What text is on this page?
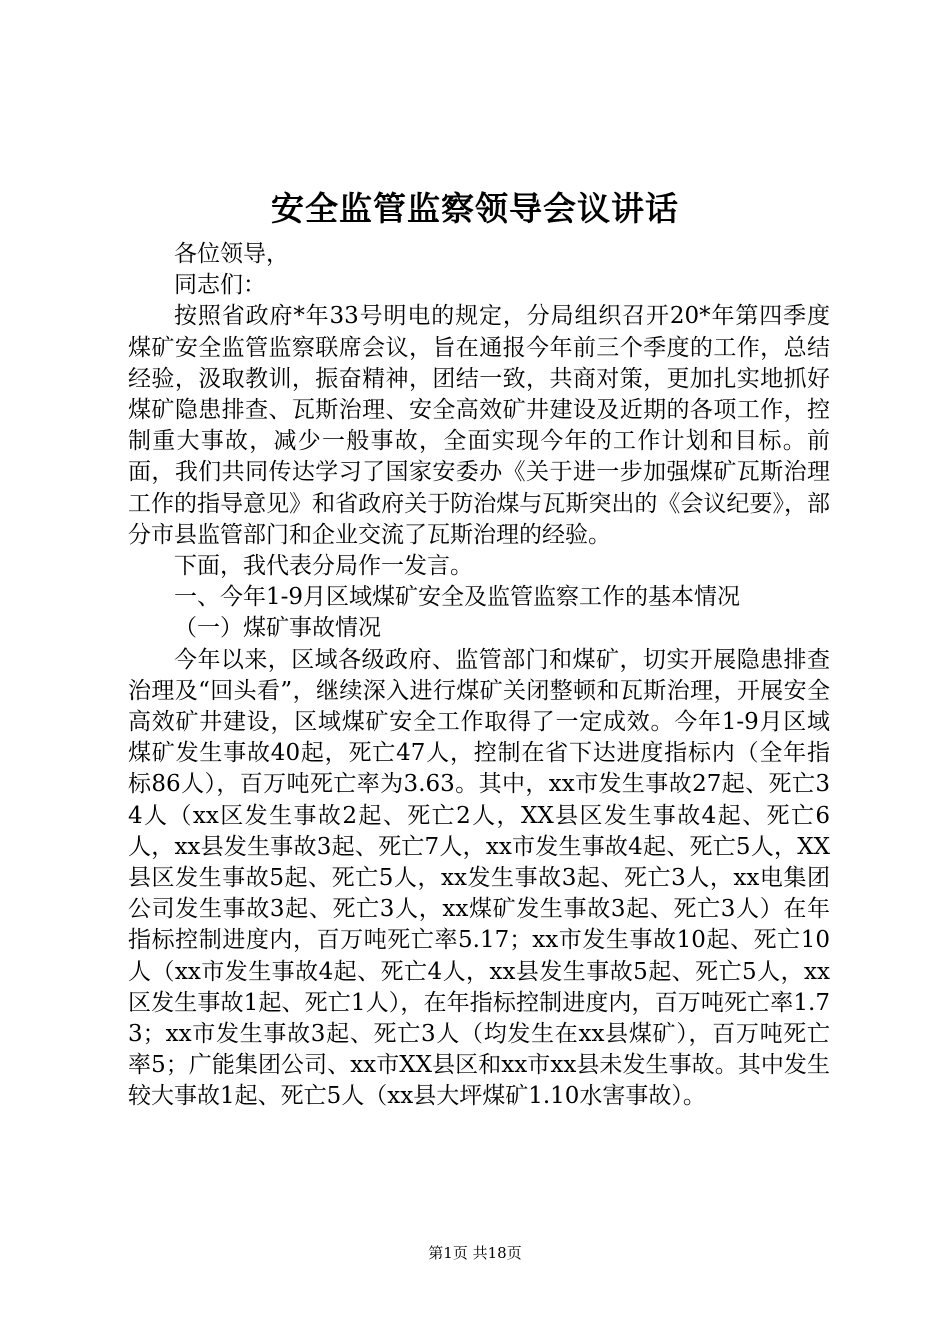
安全监管监察领导会议讲话

各位领导，

同志们：

按照省政府*年33号明电的规定，分局组织召开20*年第四季度煤矿安全监管监察联席会议，旨在通报今年前三个季度的工作，总结经验，汲取教训，振奋精神，团结一致，共商对策，更加扎实地抓好煤矿隐患排查、瓦斯治理、安全高效矿井建设及近期的各项工作，控制重大事故，减少一般事故，全面实现今年的工作计划和目标。前面，我们共同传达学习了国家安委办《关于进一步加强煤矿瓦斯治理工作的指导意见》和省政府关于防治煤与瓦斯突出的《会议纪要》，部分市县监管部门和企业交流了瓦斯治理的经验。

下面，我代表分局作一发言。

一、今年1-9月区域煤矿安全及监管监察工作的基本情况

（一）煤矿事故情况

今年以来，区域各级政府、监管部门和煤矿，切实开展隐患排查治理及“回头看”，继续深入进行煤矿关闭整顿和瓦斯治理，开展安全高效矿井建设，区域煤矿安全工作取得了一定成效。今年1-9月区域煤矿发生事故40起，死亡47人，控制在省下达进度指标内（全年指标86人），百万吨死亡率为3.63。其中，xx市发生事故27起、死亡34人（xx区发生事故2起、死亡2人，XX县区发生事故4起、死亡6人，xx县发生事故3起、死亡7人，xx市发生事故4起、死亡5人，XX县区发生事故5起、死亡5人，xx发生事故3起、死亡3人，xx电集团公司发生事故3起、死亡3人，xx煤矿发生事故3起、死亡3人）在年指标控制进度内，百万吨死亡率5.17；xx市发生事故10起、死亡10人（xx市发生事故4起、死亡4人，xx县发生事故5起、死亡5人，xx区发生事故1起、死亡1人），在年指标控制进度内，百万吨死亡率1.73；xx市发生事故3起、死亡3人（均发生在xx县煤矿），百万吨死亡率5；广能集团公司、xx市XX县区和xx市xx县未发生事故。其中发生较大事故1起、死亡5人（xx县大坪煤矿1.10水害事故）。

第1页 共18页
